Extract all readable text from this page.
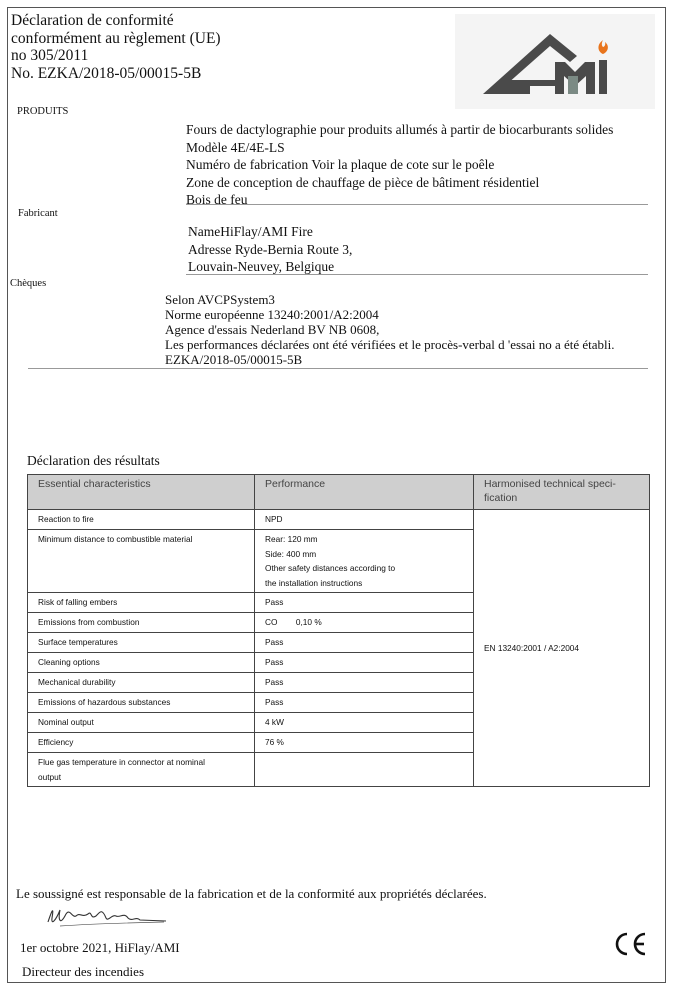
Déclaration de conformité
conformément au règlement (UE)
no 305/2011
No. EZKA/2018-05/00015-5B
PRODUITS
Fours de dactylographie pour produits allumés à partir de biocarburants solides
Modèle 4E/4E-LS
Numéro de fabrication Voir la plaque de cote sur le poêle
Zone de conception de chauffage de pièce de bâtiment résidentiel
Bois de feu
Fabricant
NameHiFlay/AMI Fire
Adresse Ryde-Bernia Route 3,
Louvain-Neuvey, Belgique
Chèques
Selon AVCPSystem3
Norme européenne 13240:2001/A2:2004
Agence d'essais Nederland BV NB 0608,
Les performances déclarées ont été vérifiées et le procès-verbal d 'essai no a été établi.
EZKA/2018-05/00015-5B
Déclaration des résultats
Essential characteristics	Performance	Harmonised technical speci-
fication
Reaction to fire	NPD	EN 13240:2001 / A2:2004
Minimum distance to combustible material	Rear: 120 mm
Side: 400 mm
Other safety distances according to
the installation instructions	
Risk of falling embers	Pass	
Emissions from combustion	CO        0,10 %	
Surface temperatures	Pass	
Cleaning options	Pass	
Mechanical durability	Pass	
Emissions of hazardous substances	Pass	
Nominal output	4 kW	
Efficiency	76 %	
Flue gas temperature in connector at nominal
output		
Le soussigné est responsable de la fabrication et de la conformité aux propriétés déclarées.
1er octobre 2021, HiFlay/AMI
Directeur des incendies
